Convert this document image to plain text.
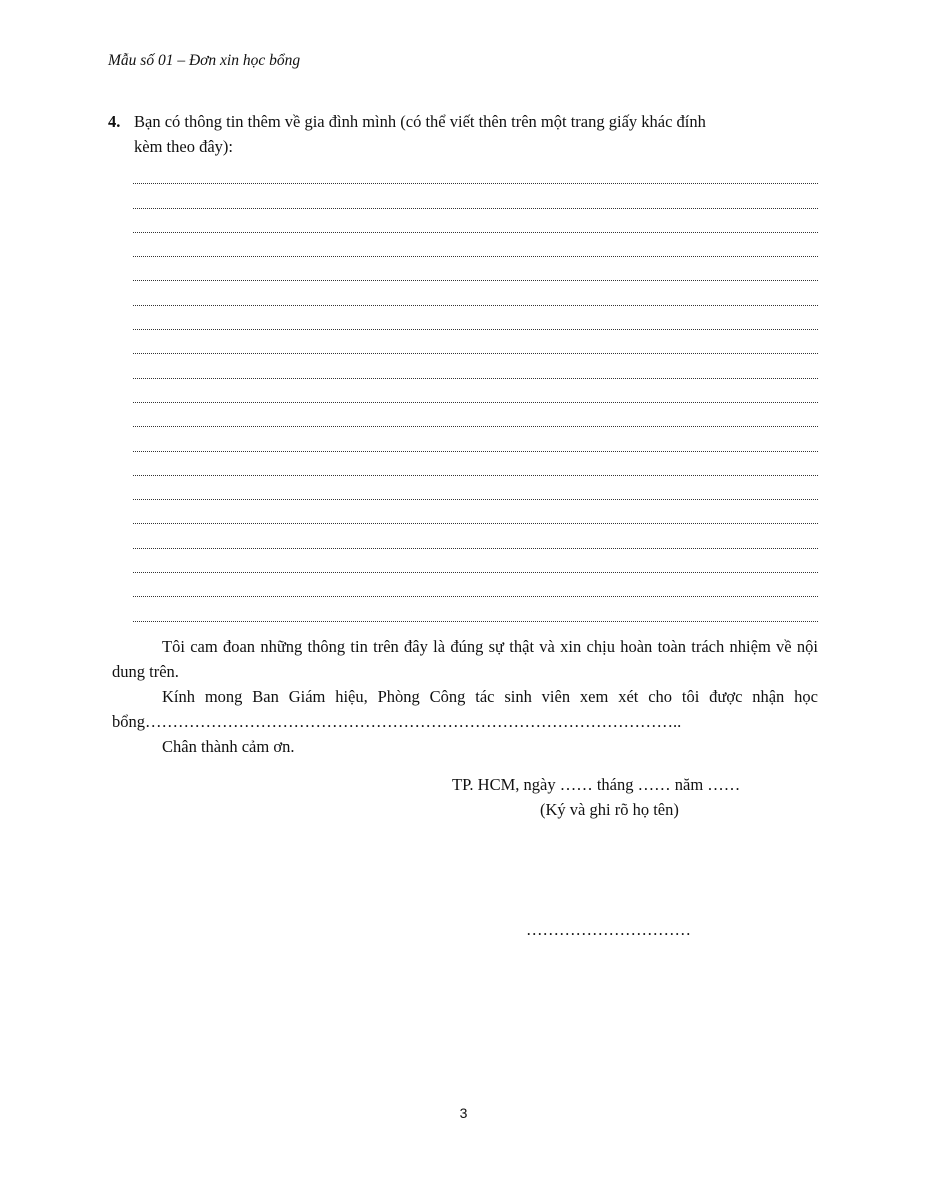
Mẫu số 01 – Đơn xin học bổng
4. Bạn có thông tin thêm về gia đình mình (có thể viết thên trên một trang giấy khác đính
kèm theo đây):
Tôi cam đoan những thông tin trên đây là đúng sự thật và xin chịu hoàn toàn trách nhiệm về nội dung trên.
Kính mong Ban Giám hiệu, Phòng Công tác sinh viên xem xét cho tôi được nhận học bổng……………………………………………………………………………………..
Chân thành cảm ơn.
TP. HCM, ngày …… tháng …… năm ……
(Ký và ghi rõ họ tên)
…………………………
3
